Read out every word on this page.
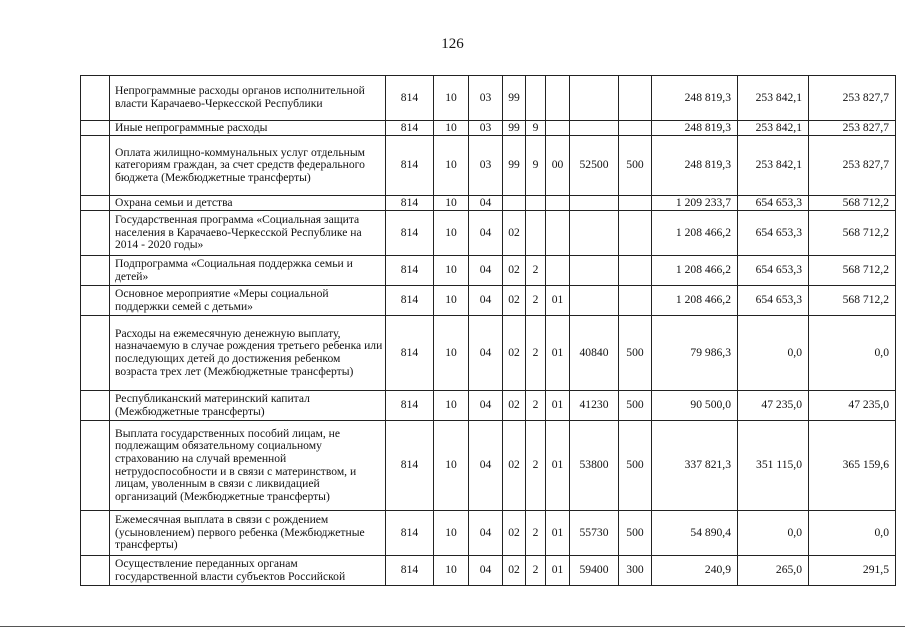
126
	Непрограммные расходы органов исполнительной власти Карачаево-Черкесской Республики	814	10	03	99					248 819,3	253 842,1	253 827,7
	Иные непрограммные расходы	814	10	03	99	9				248 819,3	253 842,1	253 827,7
	Оплата жилищно-коммунальных услуг отдельным категориям граждан, за счет средств федерального бюджета (Межбюджетные трансферты)	814	10	03	99	9	00	52500	500	248 819,3	253 842,1	253 827,7
	Охрана семьи и детства	814	10	04						1 209 233,7	654 653,3	568 712,2
	Государственная программа «Социальная защита населения в Карачаево-Черкесской Республике на 2014 - 2020 годы»	814	10	04	02					1 208 466,2	654 653,3	568 712,2
	Подпрограмма «Социальная поддержка семьи и детей»	814	10	04	02	2				1 208 466,2	654 653,3	568 712,2
	Основное мероприятие «Меры социальной поддержки семей с детьми»	814	10	04	02	2	01			1 208 466,2	654 653,3	568 712,2
	Расходы на ежемесячную денежную выплату, назначаемую в случае рождения третьего ребенка или последующих детей до достижения ребенком возраста трех лет (Межбюджетные трансферты)	814	10	04	02	2	01	40840	500	79 986,3	0,0	0,0
	Республиканский материнский капитал (Межбюджетные трансферты)	814	10	04	02	2	01	41230	500	90 500,0	47 235,0	47 235,0
	Выплата государственных пособий лицам, не подлежащим обязательному социальному страхованию на случай временной нетрудоспособности и в связи с материнством, и лицам, уволенным в связи с ликвидацией организаций (Межбюджетные трансферты)	814	10	04	02	2	01	53800	500	337 821,3	351 115,0	365 159,6
	Ежемесячная выплата в связи с рождением (усыновлением) первого ребенка (Межбюджетные трансферты)	814	10	04	02	2	01	55730	500	54 890,4	0,0	0,0
	Осуществление переданных органам государственной власти субъектов Российской	814	10	04	02	2	01	59400	300	240,9	265,0	291,5
